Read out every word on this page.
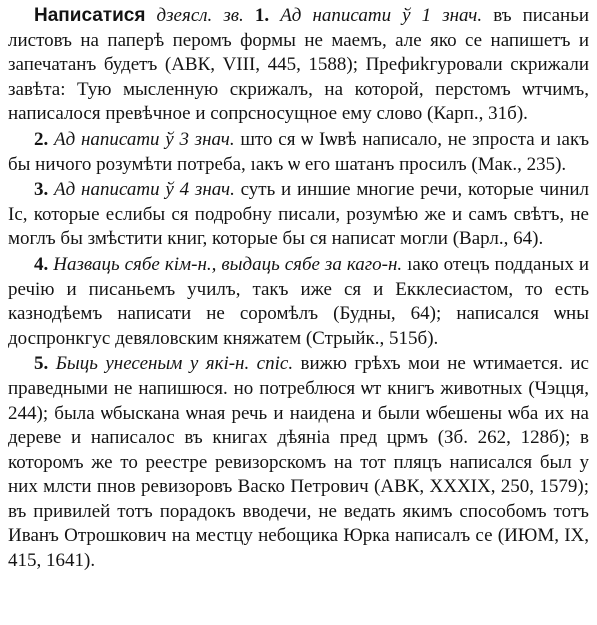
Написатися дзеясл. зв. 1. Ад написати ў 1 знач. въ писаньи листовъ на паперѣ перомъ формы не маемъ, але яко се напишетъ и запечатанъ будетъ (АВК, VIII, 445, 1588); Префиkгуровали скрижали завѣта: Тую мысленную скрижалъ, на которой, перстомъ ѡтчимъ, написалося превѣчное и сопрсносущное ему слово (Карп., 31б).

2. Ад написати ў 3 знач. што ся ѡ Іѡвѣ написало, не зпроста и ıакъ бы ничого розумѣти потреба, ıакъ ѡ его шатанъ просилъ (Мак., 235).

3. Ад написати ў 4 знач. суть и иншие многие речи, которые чинил Іс, которые еслибы ся подробну писали, розумѣю же и самъ свѣтъ, не моглъ бы змѣстити книг, которые бы ся написат могли (Варл., 64).

4. Назваць сябе кім-н., выдаць сябе за каго-н. ıако отецъ подданых и речію и писаньемъ училъ, такъ иже ся и Екклесиастом, то есть казнодѣемъ написати не соромѣлъ (Будны, 64); написался ѡны доспронкгус девяловским княжатем (Стрыйк., 515б).

5. Быць унесеным у які-н. спіс. вижю грѣхъ мои не ѡтимается. ис праведными не напишюся. но потреблюся ѡт книгъ животных (Чэцця, 244); была ѡбыскана ѡная речь и наидена и были ѡбешены ѡба их на дереве и написалос въ книгах дѣяніа пред црмъ (Зб. 262, 128б); в которомъ же то реестре ревизорскомъ на тот пляцъ написался был у них млсти пнов ревизоровъ Васко Петрович (АВК, XXXIX, 250, 1579); въ привилей тотъ порадокъ вводечи, не ведать якимъ способомъ тотъ Иванъ Отрошкович на местцу небощика Юрка написалъ се (ИЮМ, IX, 415, 1641).
